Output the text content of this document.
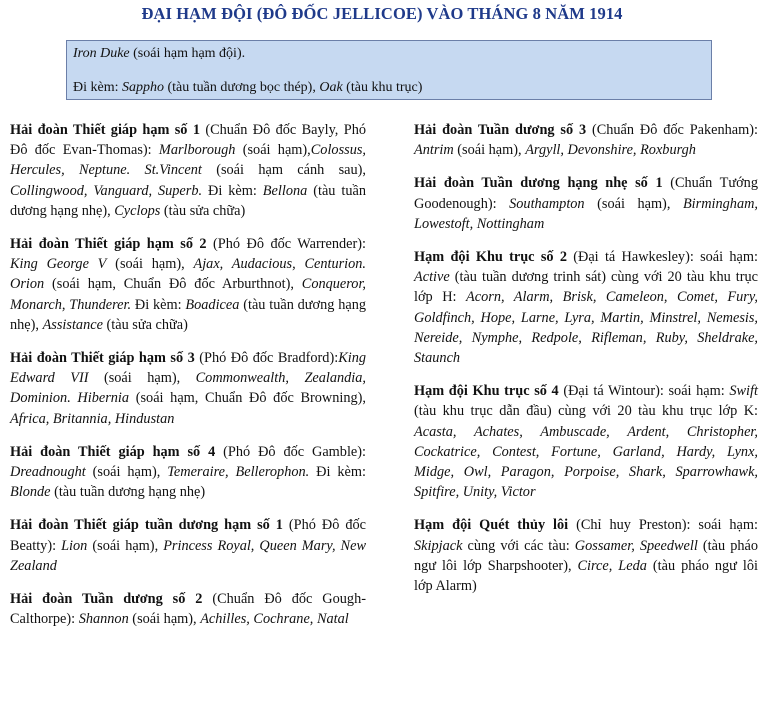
ĐẠI HẠM ĐỘI (ĐÔ ĐỐC JELLICOE) VÀO THÁNG 8 NĂM 1914
Iron Duke (soái hạm hạm đội).
Đi kèm: Sappho (tàu tuần dương bọc thép), Oak (tàu khu trục)
Hải đoàn Thiết giáp hạm số 1 (Chuẩn Đô đốc Bayly, Phó Đô đốc Evan-Thomas): Marlborough (soái hạm),Colossus, Hercules, Neptune. St.Vincent (soái hạm cánh sau), Collingwood, Vanguard, Superb. Đi kèm: Bellona (tàu tuần dương hạng nhẹ), Cyclops (tàu sửa chữa)
Hải đoàn Thiết giáp hạm số 2 (Phó Đô đốc Warrender): King George V (soái hạm), Ajax, Audacious, Centurion. Orion (soái hạm, Chuẩn Đô đốc Arburthnot), Conqueror, Monarch, Thunderer. Đi kèm: Boadicea (tàu tuần dương hạng nhẹ), Assistance (tàu sửa chữa)
Hải đoàn Thiết giáp hạm số 3 (Phó Đô đốc Bradford):King Edward VII (soái hạm), Commonwealth, Zealandia, Dominion. Hibernia (soái hạm, Chuẩn Đô đốc Browning), Africa, Britannia, Hindustan
Hải đoàn Thiết giáp hạm số 4 (Phó Đô đốc Gamble): Dreadnought (soái hạm), Temeraire, Bellerophon. Đi kèm: Blonde (tàu tuần dương hạng nhẹ)
Hải đoàn Thiết giáp tuần dương hạm số 1 (Phó Đô đốc Beatty): Lion (soái hạm), Princess Royal, Queen Mary, New Zealand
Hải đoàn Tuần dương số 2 (Chuẩn Đô đốc Gough-Calthorpe): Shannon (soái hạm), Achilles, Cochrane, Natal
Hải đoàn Tuần dương số 3 (Chuẩn Đô đốc Pakenham): Antrim (soái hạm), Argyll, Devonshire, Roxburgh
Hải đoàn Tuần dương hạng nhẹ số 1 (Chuẩn Tướng Goodenough): Southampton (soái hạm), Birmingham, Lowestoft, Nottingham
Hạm đội Khu trục số 2 (Đại tá Hawkesley): soái hạm: Active (tàu tuần dương trinh sát) cùng với 20 tàu khu trục lớp H: Acorn, Alarm, Brisk, Cameleon, Comet, Fury, Goldfinch, Hope, Larne, Lyra, Martin, Minstrel, Nemesis, Nereide, Nymphe, Redpole, Rifleman, Ruby, Sheldrake, Staunch
Hạm đội Khu trục số 4 (Đại tá Wintour): soái hạm: Swift (tàu khu trục dẫn đầu) cùng với 20 tàu khu trục lớp K: Acasta, Achates, Ambuscade, Ardent, Christopher, Cockatrice, Contest, Fortune, Garland, Hardy, Lynx, Midge, Owl, Paragon, Porpoise, Shark, Sparrowhawk, Spitfire, Unity, Victor
Hạm đội Quét thủy lôi (Chỉ huy Preston): soái hạm: Skipjack cùng với các tàu: Gossamer, Speedwell (tàu pháo ngư lôi lớp Sharpshooter), Circe, Leda (tàu pháo ngư lôi lớp Alarm)
